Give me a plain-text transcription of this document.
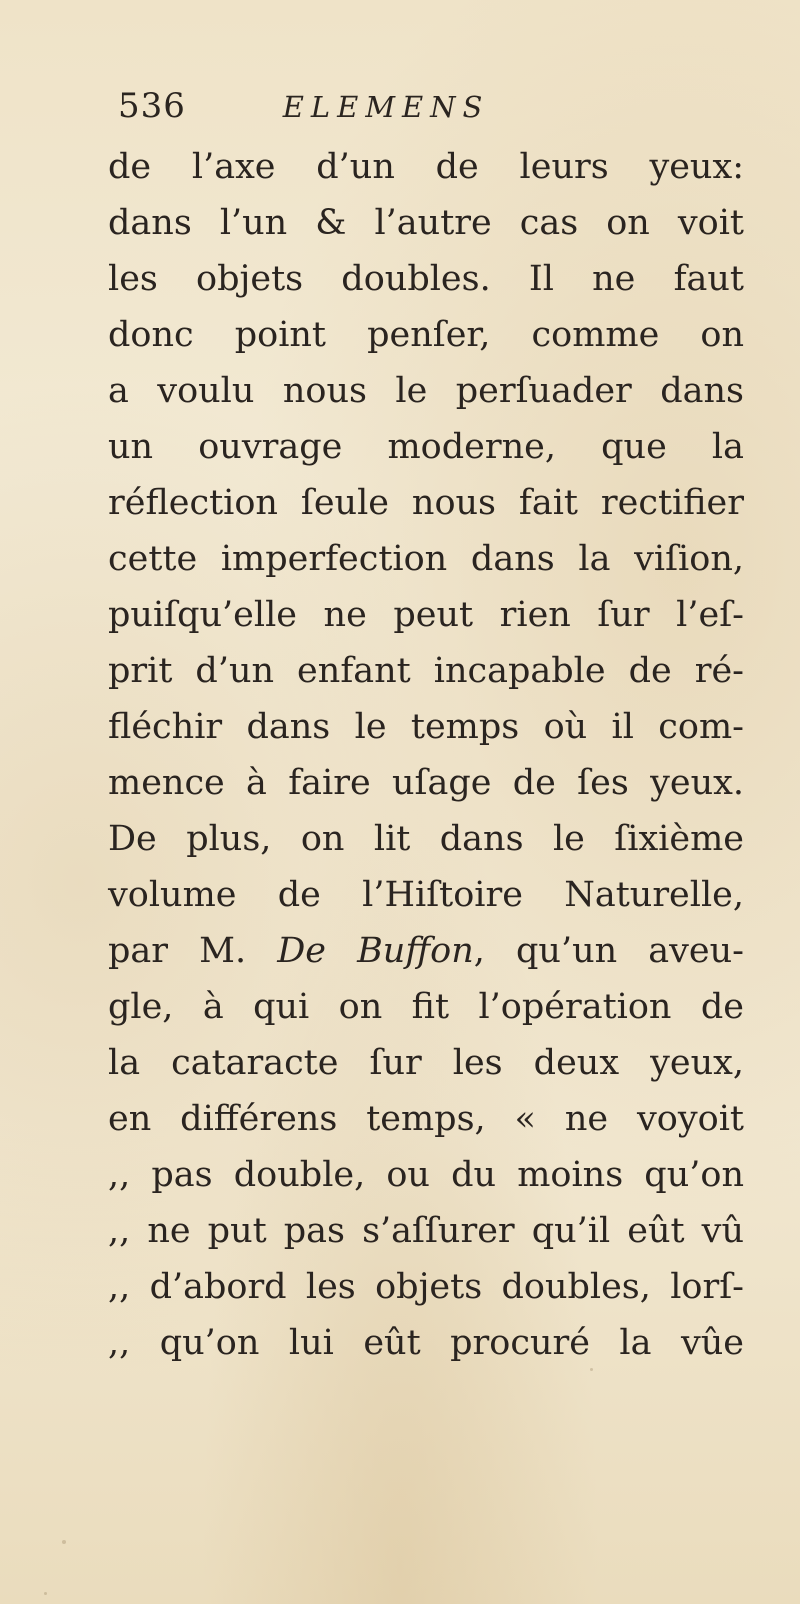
536	ELEMENS
de l’axe d’un de leurs yeux:
dans l’un & l’autre cas on voit
les objets doubles. Il ne faut
donc point penſer, comme on
a voulu nous le perſuader dans
un ouvrage moderne, que la
réflection ſeule nous fait rectifier
cette imperfection dans la viſion,
puiſqu’elle ne peut rien ſur l’eſ-
prit d’un enfant incapable de ré-
fléchir dans le temps où il com-
mence à faire uſage de ſes yeux.
De plus, on lit dans le ſixième
volume de l’Hiſtoire Naturelle,
par M. De Buffon, qu’un aveu-
gle, à qui on fit l’opération de
la cataracte ſur les deux yeux,
en différens temps, « ne voyoit
,, pas double, ou du moins qu’on
,, ne put pas s’aſſurer qu’il eût vû
,, d’abord les objets doubles, lorſ-
,, qu’on lui eût procuré la vûe
